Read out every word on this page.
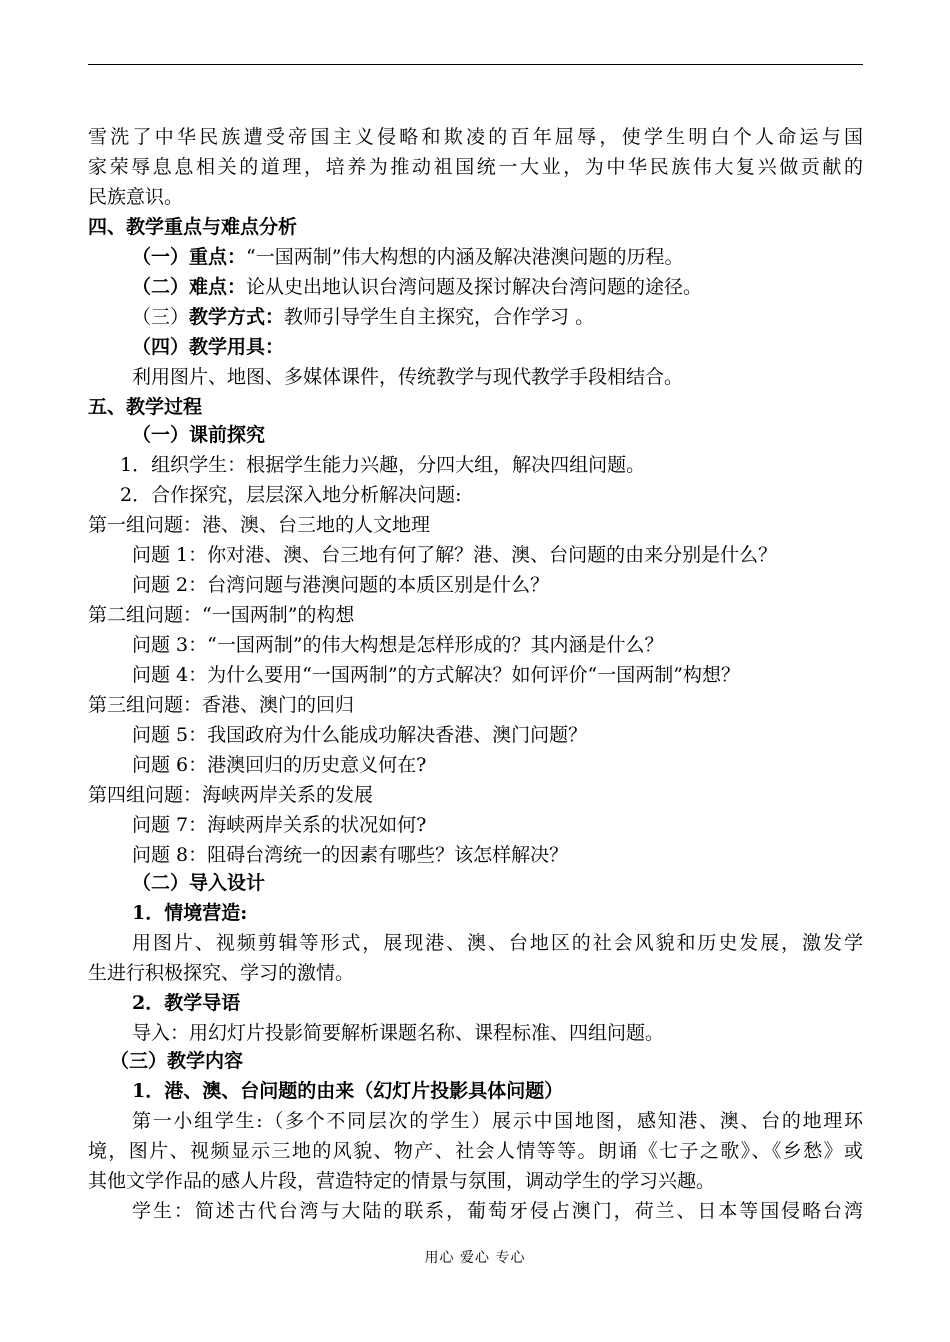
雪洗了中华民族遭受帝国主义侵略和欺凌的百年屈辱，使学生明白个人命运与国
家荣辱息息相关的道理，培养为推动祖国统一大业，为中华民族伟大复兴做贡献的
民族意识。
四、教学重点与难点分析
（一）重点：“一国两制”伟大构想的内涵及解决港澳问题的历程。
（二）难点：论从史出地认识台湾问题及探讨解决台湾问题的途径。
（三）教学方式：教师引导学生自主探究，合作学习 。
（四）教学用具：
利用图片、地图、多媒体课件，传统教学与现代教学手段相结合。
五、教学过程
（一）课前探究
1．组织学生：根据学生能力兴趣，分四大组，解决四组问题。
2．合作探究，层层深入地分析解决问题:
第一组问题：港、澳、台三地的人文地理
问题 1：你对港、澳、台三地有何了解？港、澳、台问题的由来分别是什么？
问题 2：台湾问题与港澳问题的本质区别是什么？
第二组问题：“一国两制”的构想
问题 3：“一国两制”的伟大构想是怎样形成的？其内涵是什么？
问题 4：为什么要用“一国两制”的方式解决？如何评价“一国两制”构想？
第三组问题：香港、澳门的回归
问题 5：我国政府为什么能成功解决香港、澳门问题？
问题 6：港澳回归的历史意义何在?
第四组问题：海峡两岸关系的发展
问题 7：海峡两岸关系的状况如何?
问题 8：阻碍台湾统一的因素有哪些？该怎样解决？
（二）导入设计
1．情境营造:
用图片、视频剪辑等形式，展现港、澳、台地区的社会风貌和历史发展，激发学
生进行积极探究、学习的激情。
2．教学导语
导入：用幻灯片投影简要解析课题名称、课程标准、四组问题。
（三）教学内容
1．港、澳、台问题的由来（幻灯片投影具体问题）
第一小组学生:（多个不同层次的学生）展示中国地图，感知港、澳、台的地理环
境，图片、视频显示三地的风貌、物产、社会人情等等。朗诵《七子之歌》、《乡愁》或
其他文学作品的感人片段，营造特定的情景与氛围，调动学生的学习兴趣。
学生：简述古代台湾与大陆的联系，葡萄牙侵占澳门，荷兰、日本等国侵略台湾
用心 爱心 专心
